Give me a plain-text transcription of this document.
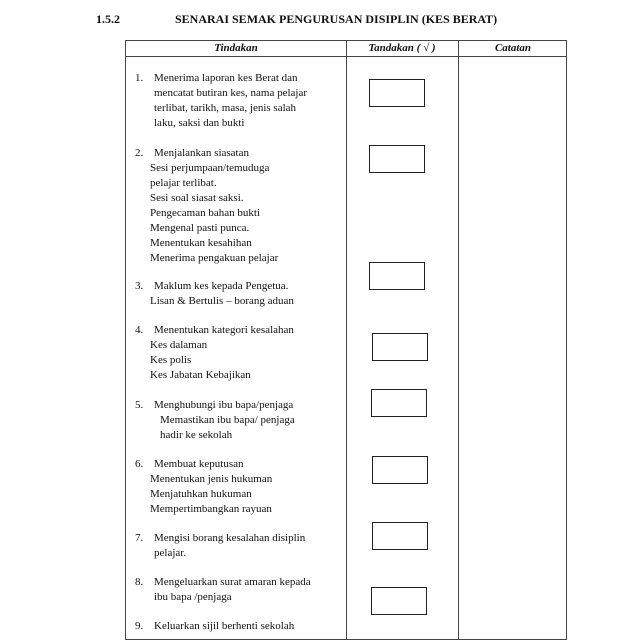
1.5.2	SENARAI SEMAK PENGURUSAN DISIPLIN (KES BERAT)
Tindakan	Tandakan ( √ )	Catatan
1. Menerima laporan kes Berat dan
mencatat butiran kes, nama pelajar
terlibat, tarikh, masa, jenis salah
laku, saksi dan bukti
2. Menjalankan siasatan
Sesi perjumpaan/temuduga
pelajar terlibat.
Sesi soal siasat saksi.
Pengecaman bahan bukti
Mengenal pasti punca.
Menentukan kesahihan
Menerima pengakuan pelajar
3. Maklum kes kepada Pengetua.
Lisan & Bertulis – borang aduan
4. Menentukan kategori kesalahan
Kes dalaman
Kes polis
Kes Jabatan Kebajikan
5. Menghubungi ibu bapa/penjaga
Memastikan ibu bapa/ penjaga
hadir ke sekolah
6. Membuat keputusan
Menentukan jenis hukuman
Menjatuhkan hukuman
Mempertimbangkan rayuan
7. Mengisi borang kesalahan disiplin
pelajar.
8. Mengeluarkan surat amaran kepada
ibu bapa /penjaga
9. Keluarkan sijil berhenti sekolah
